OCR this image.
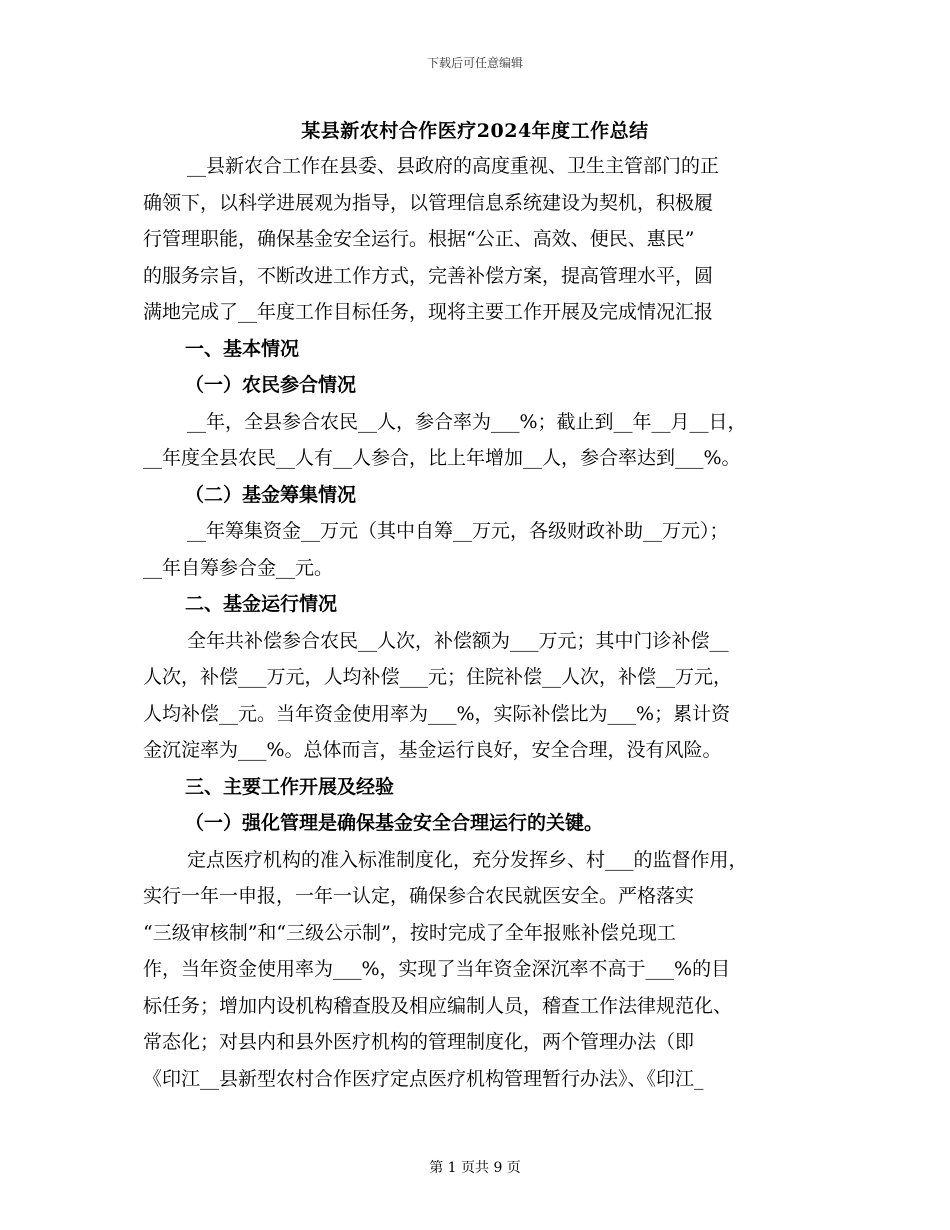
下载后可任意编辑
某县新农村合作医疗2024年度工作总结
__县新农合工作在县委、县政府的高度重视、卫生主管部门的正
确领下，以科学进展观为指导，以管理信息系统建设为契机，积极履
行管理职能，确保基金安全运行。根据“公正、高效、便民、惠民”
的服务宗旨，不断改进工作方式，完善补偿方案，提高管理水平，圆
满地完成了__年度工作目标任务，现将主要工作开展及完成情况汇报
一、基本情况
（一）农民参合情况
__年，全县参合农民__人，参合率为___%；截止到__年__月__日，
__年度全县农民__人有__人参合，比上年增加__人，参合率达到___%。
（二）基金筹集情况
__年筹集资金__万元（其中自筹__万元，各级财政补助__万元）；
__年自筹参合金__元。
二、基金运行情况
全年共补偿参合农民__人次，补偿额为___万元；其中门诊补偿__
人次，补偿___万元，人均补偿___元；住院补偿__人次，补偿__万元，
人均补偿__元。当年资金使用率为___%，实际补偿比为___%；累计资
金沉淀率为___%。总体而言，基金运行良好，安全合理，没有风险。
三、主要工作开展及经验
（一）强化管理是确保基金安全合理运行的关键。
定点医疗机构的准入标准制度化，充分发挥乡、村___的监督作用，
实行一年一申报，一年一认定，确保参合农民就医安全。严格落实
“三级审核制”和“三级公示制”，按时完成了全年报账补偿兑现工
作，当年资金使用率为___%，实现了当年资金深沉率不高于___%的目
标任务；增加内设机构稽查股及相应编制人员，稽查工作法律规范化、
常态化；对县内和县外医疗机构的管理制度化，两个管理办法（即
《印江__县新型农村合作医疗定点医疗机构管理暂行办法》、《印江_
第 1 页共 9 页
